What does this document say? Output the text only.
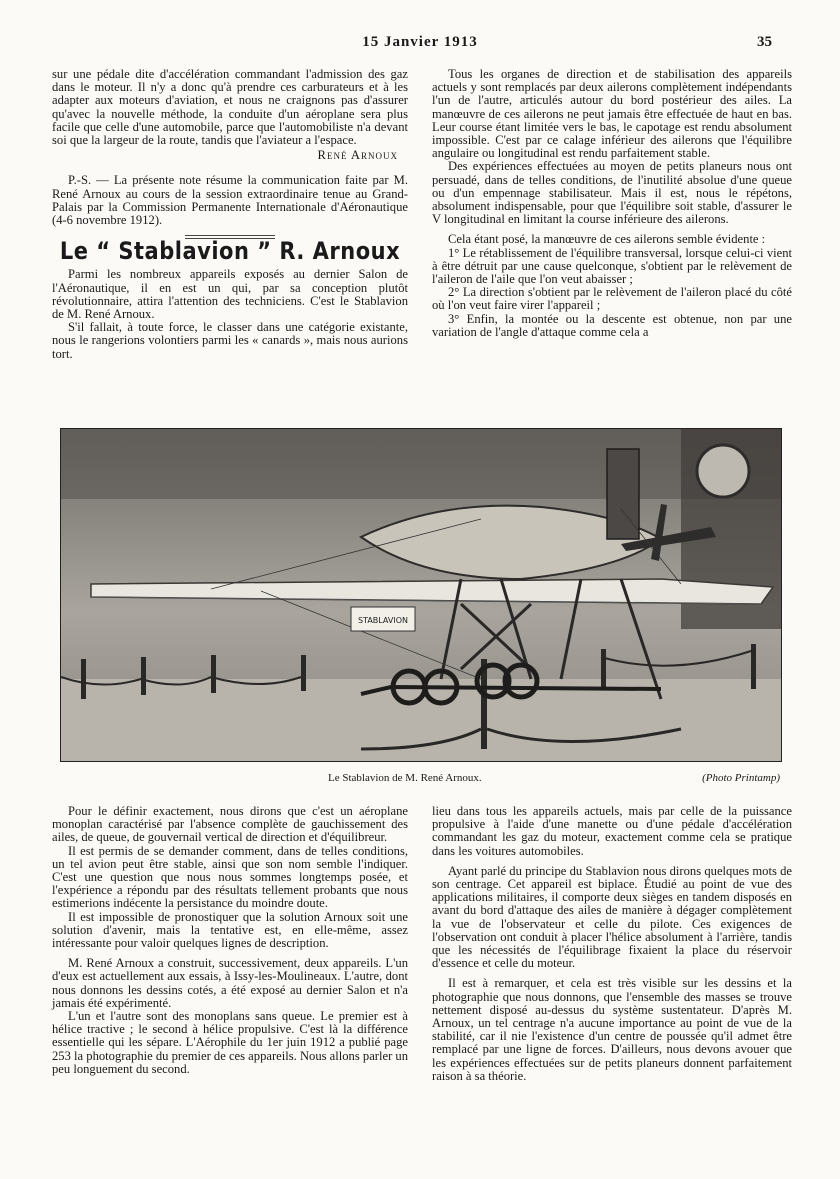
15 Janvier 1913	35

sur une pédale dite d'accélération commandant l'admission des gaz dans le moteur. Il n'y a donc qu'à prendre ces carburateurs et à les adapter aux moteurs d'aviation, et nous ne craignons pas d'assurer qu'avec la nouvelle méthode, la conduite d'un aéroplane sera plus facile que celle d'une automobile, parce que l'automobiliste n'a devant soi que la largeur de la route, tandis que l'aviateur a l'espace.

René Arnoux

P.-S. — La présente note résume la communication faite par M. René Arnoux au cours de la session extraordinaire tenue au Grand-Palais par la Commission Permanente Internationale d'Aéronautique (4-6 novembre 1912).

Le “ Stablavion ” R. Arnoux

Parmi les nombreux appareils exposés au dernier Salon de l'Aéronautique, il en est un qui, par sa conception plutôt révolutionnaire, attira l'attention des techniciens. C'est le Stablavion de M. René Arnoux.

S'il fallait, à toute force, le classer dans une catégorie existante, nous le rangerions volontiers parmi les « canards », mais nous aurions tort.

Tous les organes de direction et de stabilisation des appareils actuels y sont remplacés par deux ailerons complètement indépendants l'un de l'autre, articulés autour du bord postérieur des ailes. La manœuvre de ces ailerons ne peut jamais être effectuée de haut en bas. Leur course étant limitée vers le bas, le capotage est rendu absolument impossible. C'est par ce calage inférieur des ailerons que l'équilibre angulaire ou longitudinal est rendu parfaitement stable.

Des expériences effectuées au moyen de petits planeurs nous ont persuadé, dans de telles conditions, de l'inutilité absolue d'une queue ou d'un empennage stabilisateur. Mais il est, nous le répétons, absolument indispensable, pour que l'équilibre soit stable, d'assurer le V longitudinal en limitant la course inférieure des ailerons.

Cela étant posé, la manœuvre de ces ailerons semble évidente :

1° Le rétablissement de l'équilibre transversal, lorsque celui-ci vient à être détruit par une cause quelconque, s'obtient par le relèvement de l'aileron de l'aile que l'on veut abaisser ;

2° La direction s'obtient par le relèvement de l'aileron placé du côté où l'on veut faire virer l'appareil ;

3° Enfin, la montée ou la descente est obtenue, non par une variation de l'angle d'attaque comme cela a

STABLAVION
Le Stablavion de M. René Arnoux.	(Photo Printamp)

Pour le définir exactement, nous dirons que c'est un aéroplane monoplan caractérisé par l'absence complète de gauchissement des ailes, de queue, de gouvernail vertical de direction et d'équilibreur.

Il est permis de se demander comment, dans de telles conditions, un tel avion peut être stable, ainsi que son nom semble l'indiquer. C'est une question que nous nous sommes longtemps posée, et l'expérience a répondu par des résultats tellement probants que nous estimerions indécente la persistance du moindre doute.

Il est impossible de pronostiquer que la solution Arnoux soit une solution d'avenir, mais la tentative est, en elle-même, assez intéressante pour valoir quelques lignes de description.

M. René Arnoux a construit, successivement, deux appareils. L'un d'eux est actuellement aux essais, à Issy-les-Moulineaux. L'autre, dont nous donnons les dessins cotés, a été exposé au dernier Salon et n'a jamais été expérimenté.

L'un et l'autre sont des monoplans sans queue. Le premier est à hélice tractive ; le second à hélice propulsive. C'est là la différence essentielle qui les sépare. L'Aérophile du 1er juin 1912 a publié page 253 la photographie du premier de ces appareils. Nous allons parler un peu longuement du second.

lieu dans tous les appareils actuels, mais par celle de la puissance propulsive à l'aide d'une manette ou d'une pédale d'accélération commandant les gaz du moteur, exactement comme cela se pratique dans les voitures automobiles.

Ayant parlé du principe du Stablavion nous dirons quelques mots de son centrage. Cet appareil est biplace. Étudié au point de vue des applications militaires, il comporte deux sièges en tandem disposés en avant du bord d'attaque des ailes de manière à dégager complètement la vue de l'observateur et celle du pilote. Ces exigences de l'observation ont conduit à placer l'hélice absolument à l'arrière, tandis que les nécessités de l'équilibrage fixaient la place du réservoir d'essence et celle du moteur.

Il est à remarquer, et cela est très visible sur les dessins et la photographie que nous donnons, que l'ensemble des masses se trouve nettement disposé au-dessus du système sustentateur. D'après M. Arnoux, un tel centrage n'a aucune importance au point de vue de la stabilité, car il nie l'existence d'un centre de poussée qu'il admet être remplacé par une ligne de forces. D'ailleurs, nous devons avouer que les expériences effectuées sur de petits planeurs donnent parfaitement raison à sa théorie.
